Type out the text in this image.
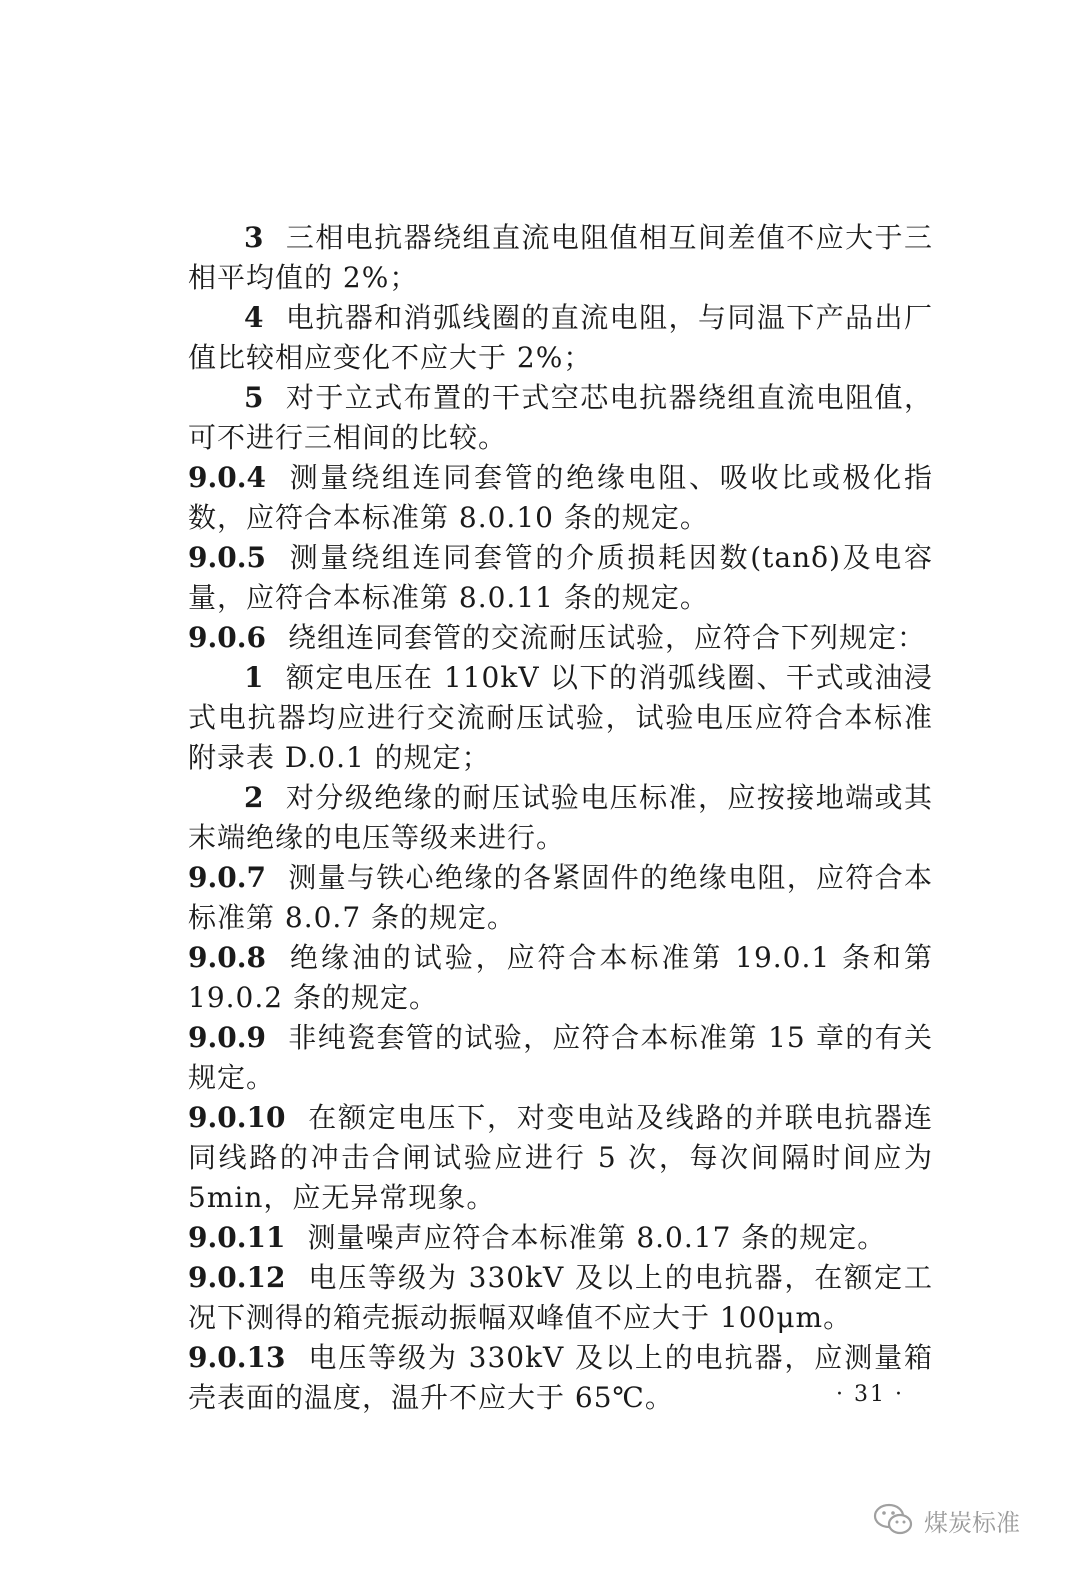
3 三相电抗器绕组直流电阻值相互间差值不应大于三相平均值的 2%；

4 电抗器和消弧线圈的直流电阻，与同温下产品出厂值比较相应变化不应大于 2%；

5 对于立式布置的干式空芯电抗器绕组直流电阻值，可不进行三相间的比较。

9.0.4 测量绕组连同套管的绝缘电阻、吸收比或极化指数，应符合本标准第 8.0.10 条的规定。

9.0.5 测量绕组连同套管的介质损耗因数(tanδ)及电容量，应符合本标准第 8.0.11 条的规定。

9.0.6 绕组连同套管的交流耐压试验，应符合下列规定：

1 额定电压在 110kV 以下的消弧线圈、干式或油浸式电抗器均应进行交流耐压试验，试验电压应符合本标准附录表 D.0.1 的规定；

2 对分级绝缘的耐压试验电压标准，应按接地端或其末端绝缘的电压等级来进行。

9.0.7 测量与铁心绝缘的各紧固件的绝缘电阻，应符合本标准第 8.0.7 条的规定。

9.0.8 绝缘油的试验，应符合本标准第 19.0.1 条和第 19.0.2 条的规定。

9.0.9 非纯瓷套管的试验，应符合本标准第 15 章的有关规定。

9.0.10 在额定电压下，对变电站及线路的并联电抗器连同线路的冲击合闸试验应进行 5 次，每次间隔时间应为 5min，应无异常现象。

9.0.11 测量噪声应符合本标准第 8.0.17 条的规定。

9.0.12 电压等级为 330kV 及以上的电抗器，在额定工况下测得的箱壳振动振幅双峰值不应大于 100μm。

9.0.13 电压等级为 330kV 及以上的电抗器，应测量箱壳表面的温度，温升不应大于 65℃。	· 31 ·
煤炭标准
